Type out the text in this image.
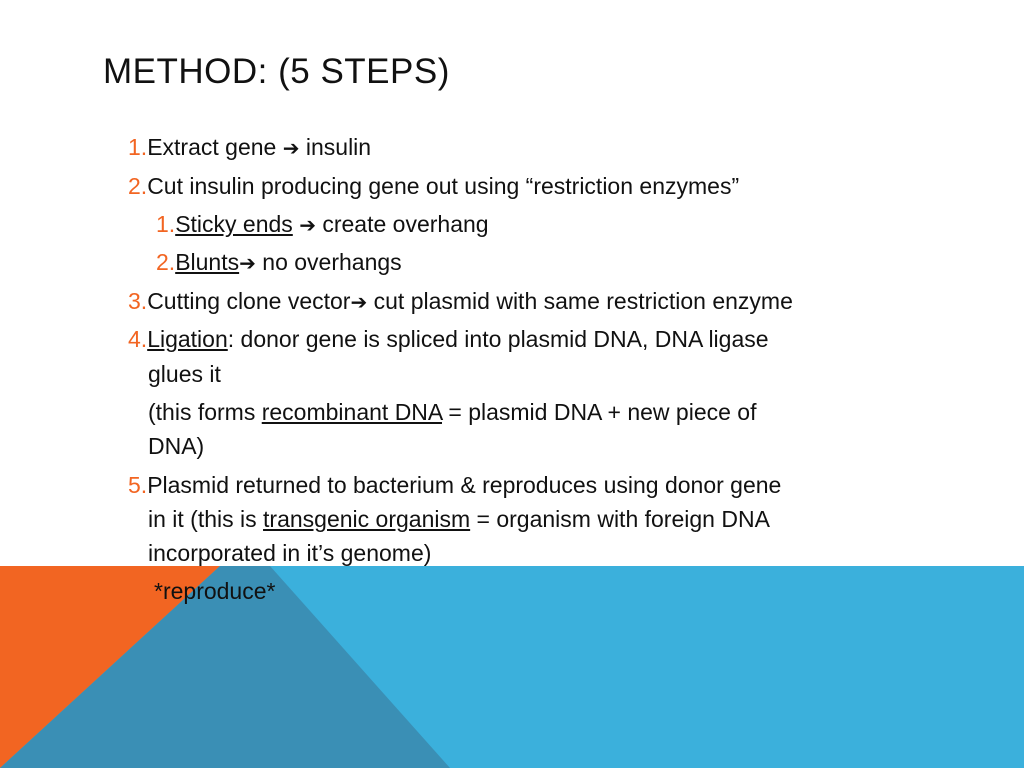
METHOD: (5 STEPS)
1.Extract gene ➔ insulin
2.Cut insulin producing gene out using “restriction enzymes”
1.Sticky ends ➔ create overhang
2.Blunts➔ no overhangs
3.Cutting clone vector➔ cut plasmid with same restriction enzyme
4.Ligation: donor gene is spliced into plasmid DNA, DNA ligase
glues it
(this forms recombinant DNA = plasmid DNA + new piece of
DNA)
5.Plasmid returned to bacterium & reproduces using donor gene
in it (this is transgenic organism = organism with foreign DNA
incorporated in it’s genome)
*reproduce*
